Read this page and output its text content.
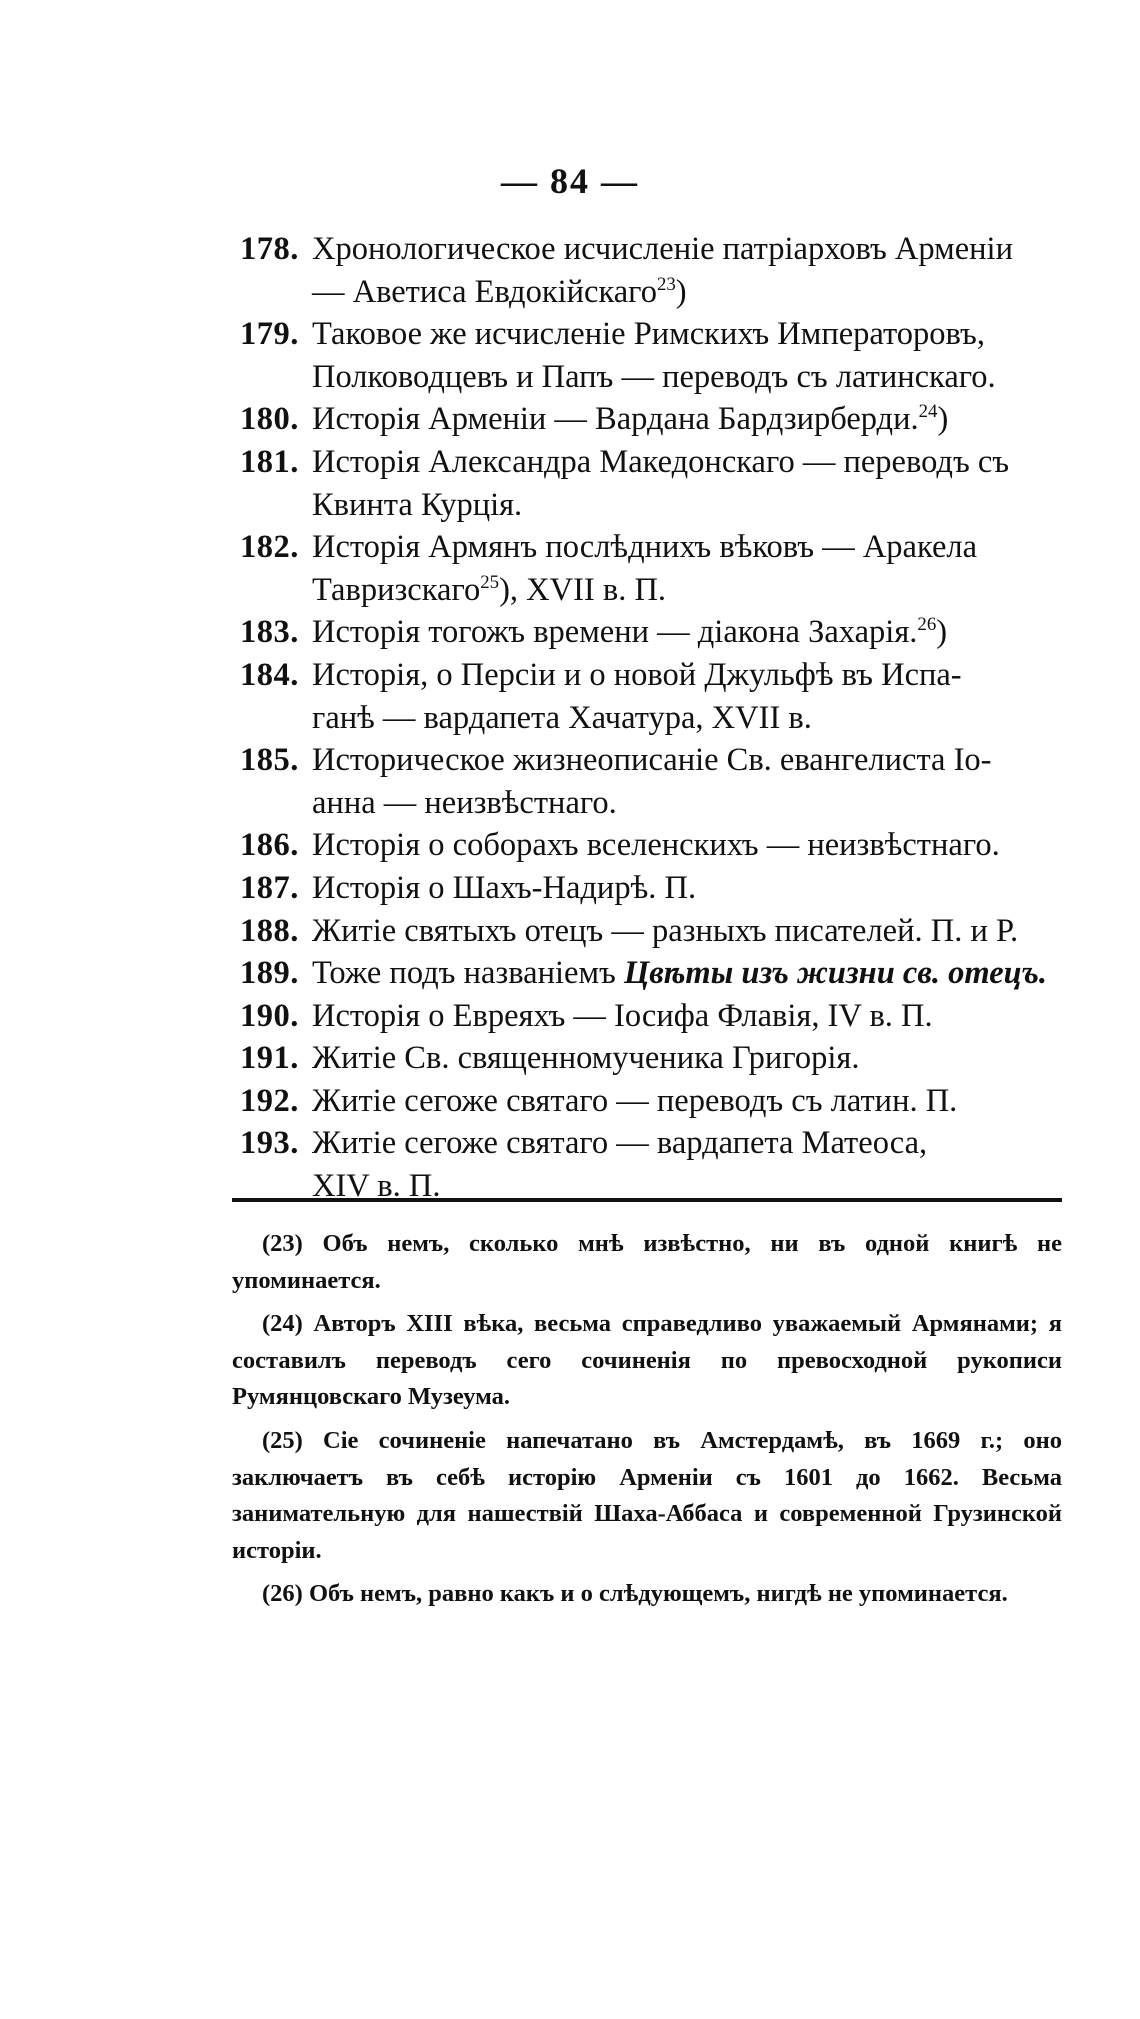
— 84 —
178. Хронологическое исчисленіе патріарховъ Арменіи
— Аветиса Евдокійскаго$^{23}$)
179. Таковое же исчисленіе Римскихъ Императоровъ,
Полководцевъ и Папъ — переводъ съ латинскаго.
180. Исторія Арменіи — Вардана Бардзирберди.$^{24}$)
181. Исторія Александра Македонскаго — переводъ съ
Квинта Курція.
182. Исторія Армянъ послѣднихъ вѣковъ — Аракела
Тавризскаго$^{25}$), XVII в. П.
183. Исторія тогожъ времени — діакона Захарія.$^{26}$)
184. Исторія, о Персіи и о новой Джульфѣ въ Испа-
ганѣ — вардапета Хачатура, XVII в.
185. Историческое жизнеописаніе Св. евангелиста Іо-
анна — неизвѣстнаго.
186. Исторія о соборахъ вселенскихъ — неизвѣстнаго.
187. Исторія о Шахъ-Надирѣ. П.
188. Житіе святыхъ отецъ — разныхъ писателей. П. и Р.
189. Тоже подъ названіемъ Цвѣты изъ жизни св. отецъ.
190. Исторія о Евреяхъ — Іосифа Флавія, IV в. П.
191. Житіе Св. священномученика Григорія.
192. Житіе сегоже святаго — переводъ съ латин. П.
193. Житіе сегоже святаго — вардапета Матеоса,
XIV в. П.

(23) Объ немъ, сколько мнѣ извѣстно, ни въ одной книгѣ не упоминается.

(24) Авторъ XIII вѣка, весьма справедливо уважаемый Армянами; я составилъ переводъ сего сочиненія по превосходной рукописи Румянцовскаго Музеума.

(25) Сіе сочиненіе напечатано въ Амстердамѣ, въ 1669 г.; оно заключаетъ въ себѣ исторію Арменіи съ 1601 до 1662. Весьма занимательную для нашествій Шаха-Аббаса и современной Грузинской исторіи.

(26) Объ немъ, равно какъ и о слѣдующемъ, нигдѣ не упоминается.
